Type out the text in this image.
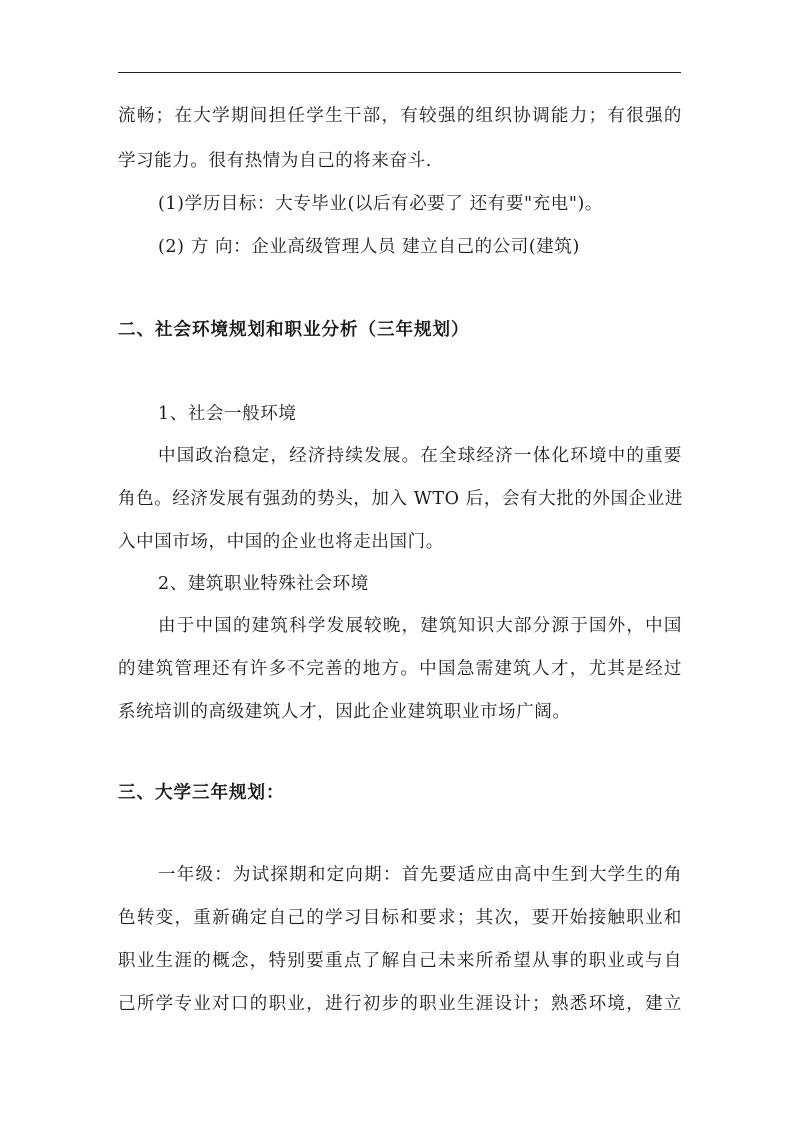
流畅；在大学期间担任学生干部，有较强的组织协调能力；有很强的
学习能力。很有热情为自己的将来奋斗.
(1)学历目标：大专毕业(以后有必要了 还有要"充电")。
(2) 方 向：企业高级管理人员 建立自己的公司(建筑)
二、社会环境规划和职业分析（三年规划）
1、社会一般环境
中国政治稳定，经济持续发展。在全球经济一体化环境中的重要
角色。经济发展有强劲的势头，加入 WTO 后，会有大批的外国企业进
入中国市场，中国的企业也将走出国门。
2、建筑职业特殊社会环境
由于中国的建筑科学发展较晚，建筑知识大部分源于国外，中国
的建筑管理还有许多不完善的地方。中国急需建筑人才，尤其是经过
系统培训的高级建筑人才，因此企业建筑职业市场广阔。
三、大学三年规划：
一年级：为试探期和定向期：首先要适应由高中生到大学生的角
色转变，重新确定自己的学习目标和要求；其次，要开始接触职业和
职业生涯的概念，特别要重点了解自己未来所希望从事的职业或与自
己所学专业对口的职业，进行初步的职业生涯设计；熟悉环境，建立
